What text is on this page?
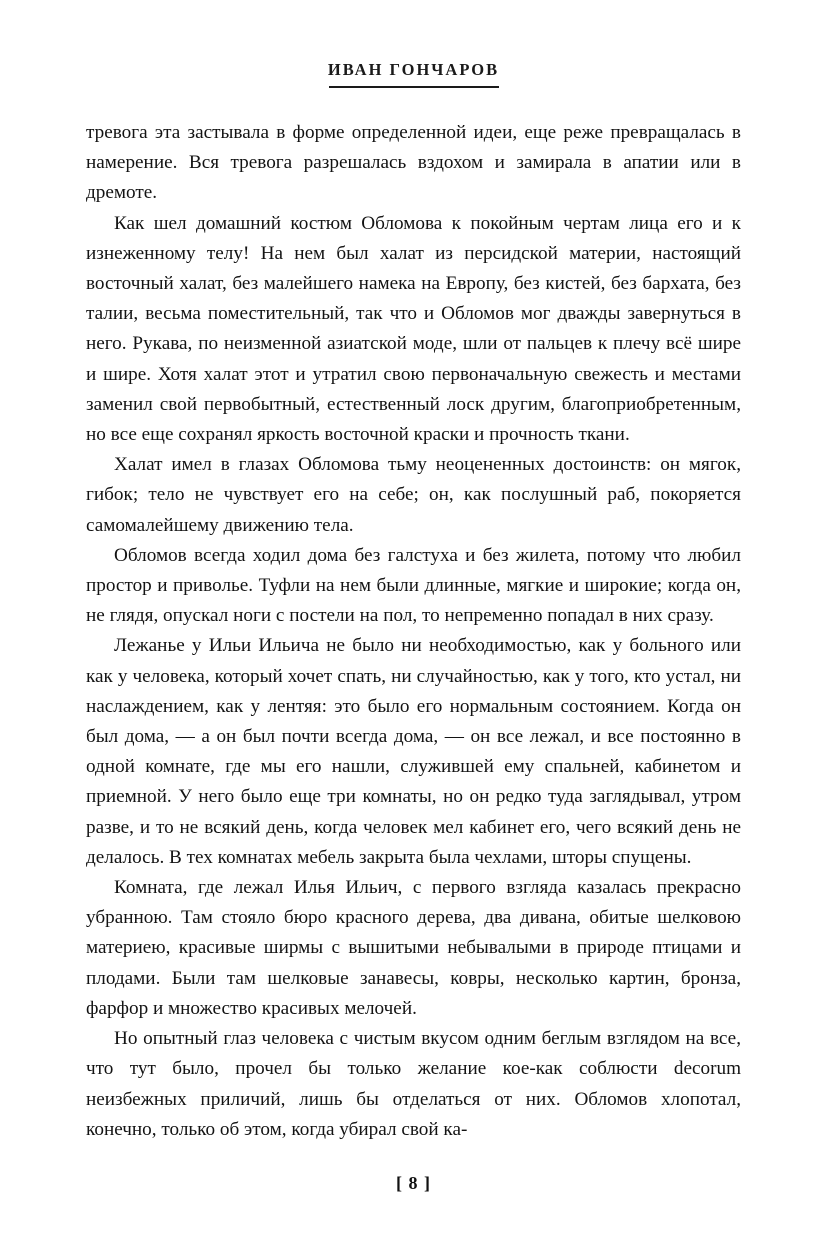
ИВАН ГОНЧАРОВ

тревога эта застывала в форме определенной идеи, еще реже превращалась в намерение. Вся тревога разрешалась вздохом и замирала в апатии или в дремоте.

Как шел домашний костюм Обломова к покойным чертам лица его и к изнеженному телу! На нем был халат из персидской материи, настоящий восточный халат, без малейшего намека на Европу, без кистей, без бархата, без талии, весьма поместительный, так что и Обломов мог дважды завернуться в него. Рукава, по неизменной азиатской моде, шли от пальцев к плечу всё шире и шире. Хотя халат этот и утратил свою первоначальную свежесть и местами заменил свой первобытный, естественный лоск другим, благоприобретенным, но все еще сохранял яркость восточной краски и прочность ткани.

Халат имел в глазах Обломова тьму неоцененных достоинств: он мягок, гибок; тело не чувствует его на себе; он, как послушный раб, покоряется самомалейшему движению тела.

Обломов всегда ходил дома без галстуха и без жилета, потому что любил простор и приволье. Туфли на нем были длинные, мягкие и широкие; когда он, не глядя, опускал ноги с постели на пол, то непременно попадал в них сразу.

Лежанье у Ильи Ильича не было ни необходимостью, как у больного или как у человека, который хочет спать, ни случайностью, как у того, кто устал, ни наслаждением, как у лентяя: это было его нормальным состоянием. Когда он был дома, — а он был почти всегда дома, — он все лежал, и все постоянно в одной комнате, где мы его нашли, служившей ему спальней, кабинетом и приемной. У него было еще три комнаты, но он редко туда заглядывал, утром разве, и то не всякий день, когда человек мел кабинет его, чего всякий день не делалось. В тех комнатах мебель закрыта была чехлами, шторы спущены.

Комната, где лежал Илья Ильич, с первого взгляда казалась прекрасно убранною. Там стояло бюро красного дерева, два дивана, обитые шелковою материею, красивые ширмы с вышитыми небывалыми в природе птицами и плодами. Были там шелковые занавесы, ковры, несколько картин, бронза, фарфор и множество красивых мелочей.

Но опытный глаз человека с чистым вкусом одним беглым взглядом на все, что тут было, прочел бы только желание кое-как соблюсти decorum неизбежных приличий, лишь бы отделаться от них. Обломов хлопотал, конечно, только об этом, когда убирал свой ка-

[ 8 ]
